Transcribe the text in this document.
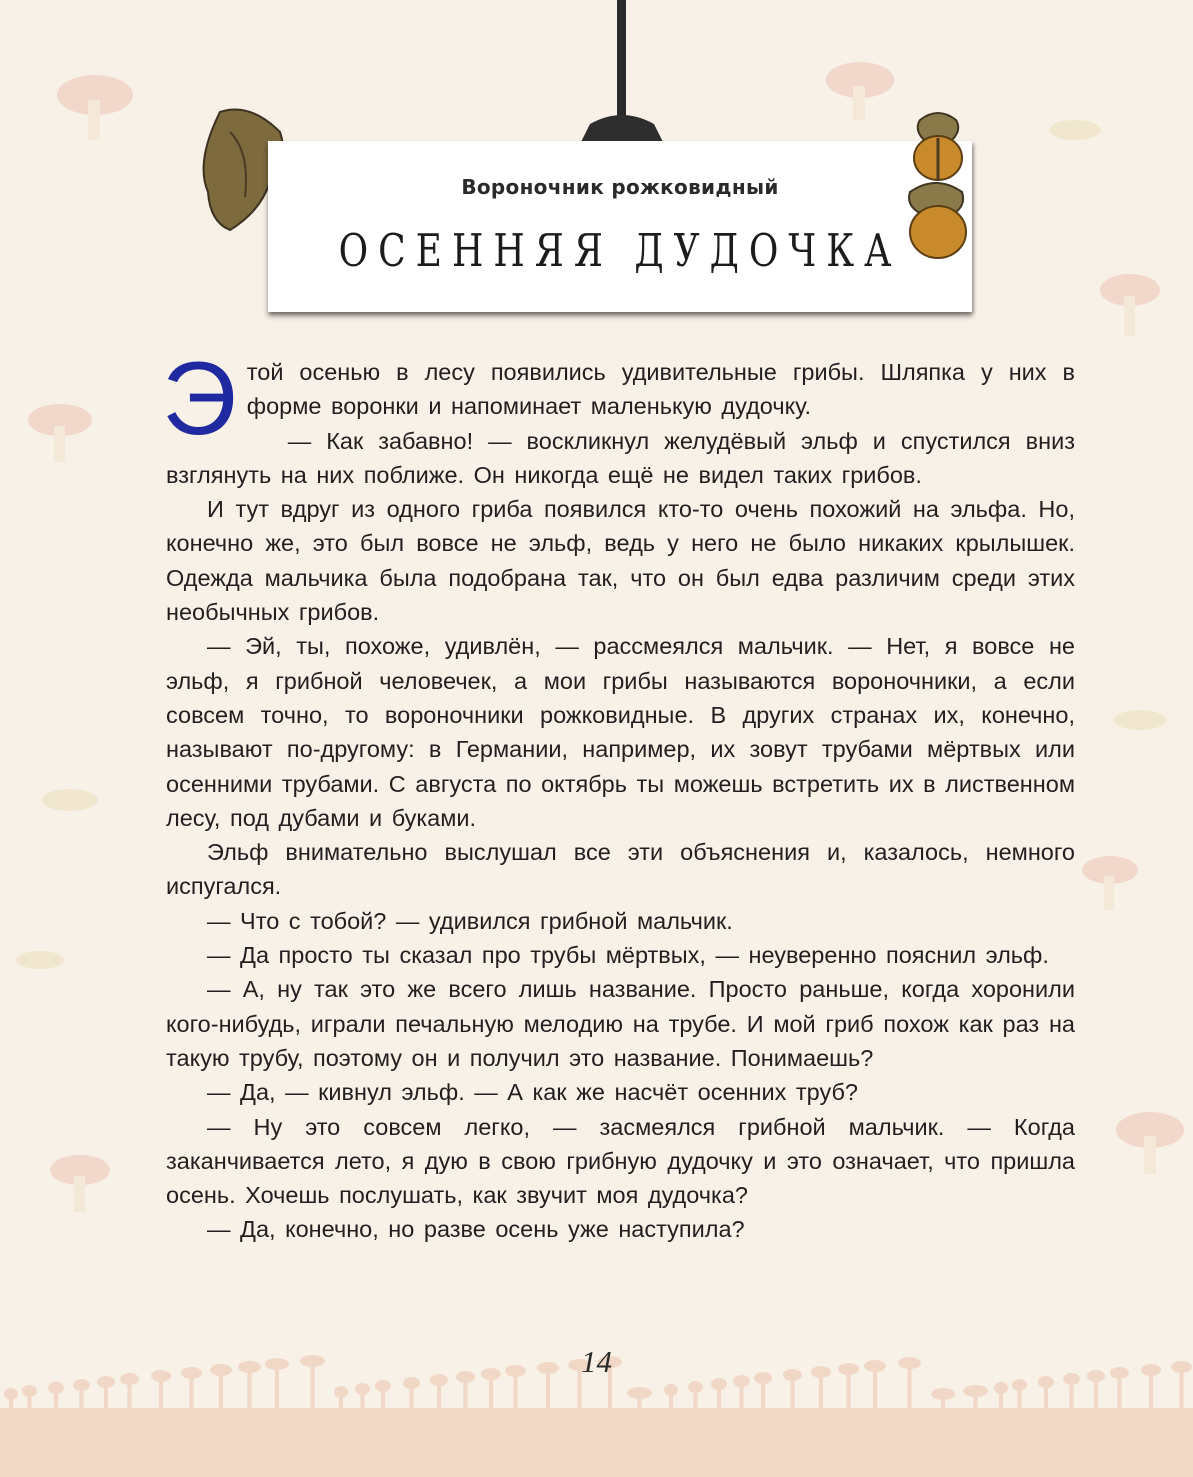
Вороночник рожковидный
ОСЕННЯЯ ДУДОЧКА

Этой осенью в лесу появились удивительные грибы. Шляпка у них в форме воронки и напоминает маленькую дудочку.

— Как забавно! — воскликнул желудёвый эльф и спустился вниз взглянуть на них поближе. Он никогда ещё не видел таких грибов.

И тут вдруг из одного гриба появился кто-то очень похожий на эльфа. Но, конечно же, это был вовсе не эльф, ведь у него не было никаких крылышек. Одежда мальчика была подобрана так, что он был едва различим среди этих необычных грибов.

— Эй, ты, похоже, удивлён, — рассмеялся мальчик. — Нет, я вовсе не эльф, я грибной человечек, а мои грибы называются вороночники, а если совсем точно, то вороночники рожковидные. В других странах их, конечно, называют по-другому: в Германии, например, их зовут трубами мёртвых или осенними трубами. С августа по октябрь ты можешь встретить их в лиственном лесу, под дубами и буками.

Эльф внимательно выслушал все эти объяснения и, казалось, немного испугался.

— Что с тобой? — удивился грибной мальчик.

— Да просто ты сказал про трубы мёртвых, — неуверенно пояснил эльф.

— А, ну так это же всего лишь название. Просто раньше, когда хоронили кого-нибудь, играли печальную мелодию на трубе. И мой гриб похож как раз на такую трубу, поэтому он и получил это название. Понимаешь?

— Да, — кивнул эльф. — А как же насчёт осенних труб?

— Ну это совсем легко, — засмеялся грибной мальчик. — Когда заканчивается лето, я дую в свою грибную дудочку и это означает, что пришла осень. Хочешь послушать, как звучит моя дудочка?

— Да, конечно, но разве осень уже наступила?

14
